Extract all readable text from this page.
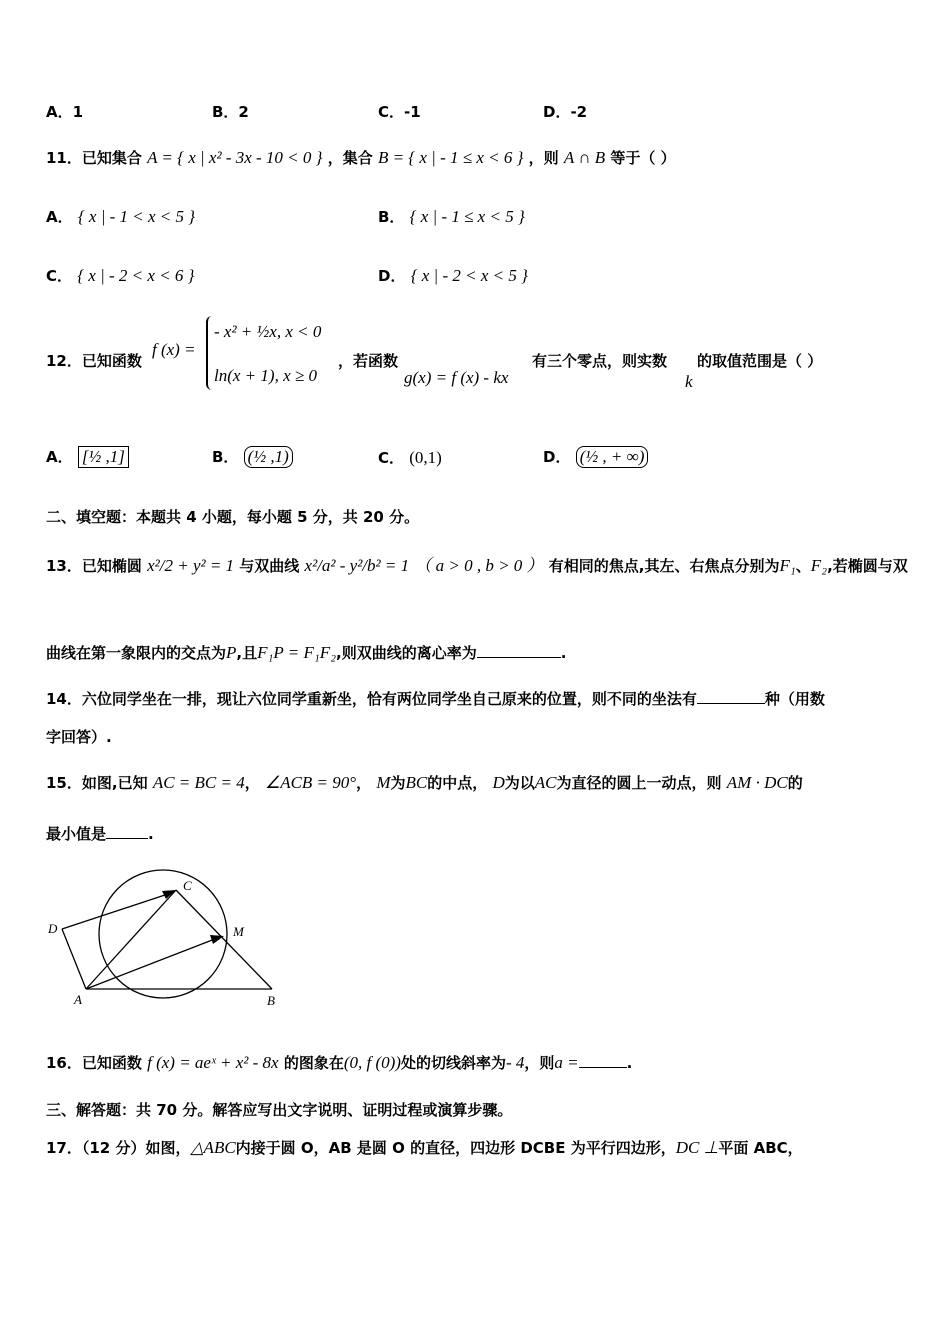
A．1	B．2	C．-1	D．-2
11．已知集合 A = { x | x² - 3x - 10 < 0 } ，集合 B = { x | - 1 ≤ x < 6 } ，则 A ∩ B 等于（ ）
A． { x | - 1 < x < 5 }	B． { x | - 1 ≤ x < 5 }
C． { x | - 2 < x < 6 }	D． { x | - 2 < x < 5 }
12．已知函数
f (x) =
- x² + ½x, x < 0
ln(x + 1), x ≥ 0
，若函数
g(x) = f (x) - kx
有三个零点，则实数
k
的取值范围是（ ）
A． [½ ,1]	B． (½ ,1)	C． (0,1)	D． (½ , + ∞)
二、填空题：本题共 4 小题，每小题 5 分，共 20 分。
13．已知椭圆 x²/2 + y² = 1 与双曲线 x²/a² - y²/b² = 1 （ a > 0 , b > 0 ） 有相同的焦点,其左、右焦点分别为F₁、F₂,若椭圆与双
曲线在第一象限内的交点为P,且F₁P = F₁F₂,则双曲线的离心率为	.
14．六位同学坐在一排，现让六位同学重新坐，恰有两位同学坐自己原来的位置，则不同的坐法有	种（用数
字回答）.
15．如图,已知 AC = BC = 4， ∠ACB = 90°， M为BC的中点， D为以AC为直径的圆上一动点，则 AM · DC的
最小值是	.
C
D	M
A	B
16．已知函数 f (x) = aeˣ + x² - 8x 的图象在(0, f (0))处的切线斜率为- 4，则a =	.
三、解答题：共 70 分。解答应写出文字说明、证明过程或演算步骤。
17．（12 分）如图，△ABC内接于圆 O，AB 是圆 O 的直径，四边形 DCBE 为平行四边形，DC ⊥平面 ABC，
